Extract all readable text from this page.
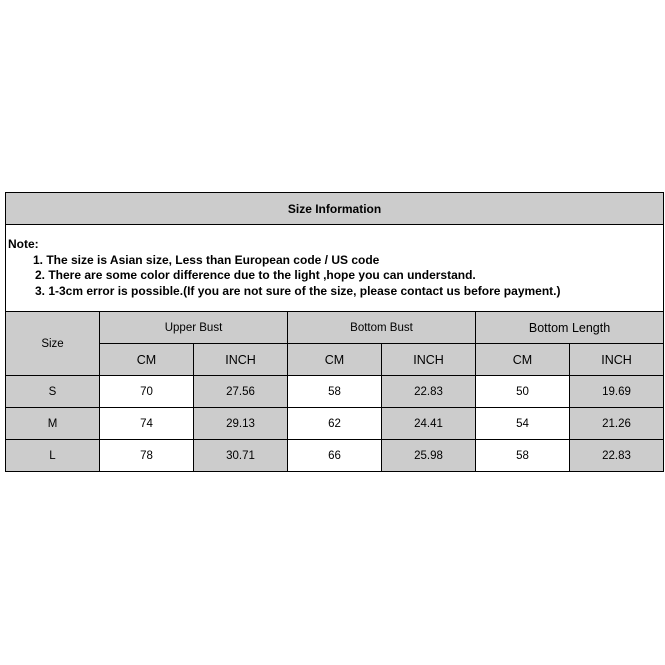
Size Information						

Note:
1. The size is Asian size, Less than European code / US code
2. There are some color difference due to the light ,hope you can understand.
3. 1-3cm error is possible.(If you are not sure of the size, please contact us before payment.)						

Size	Upper Bust		Bottom Bust		Bottom Length	
	CM	INCH	CM	INCH	CM	INCH
S	70	27.56	58	22.83	50	19.69
M	74	29.13	62	24.41	54	21.26
L	78	30.71	66	25.98	58	22.83
